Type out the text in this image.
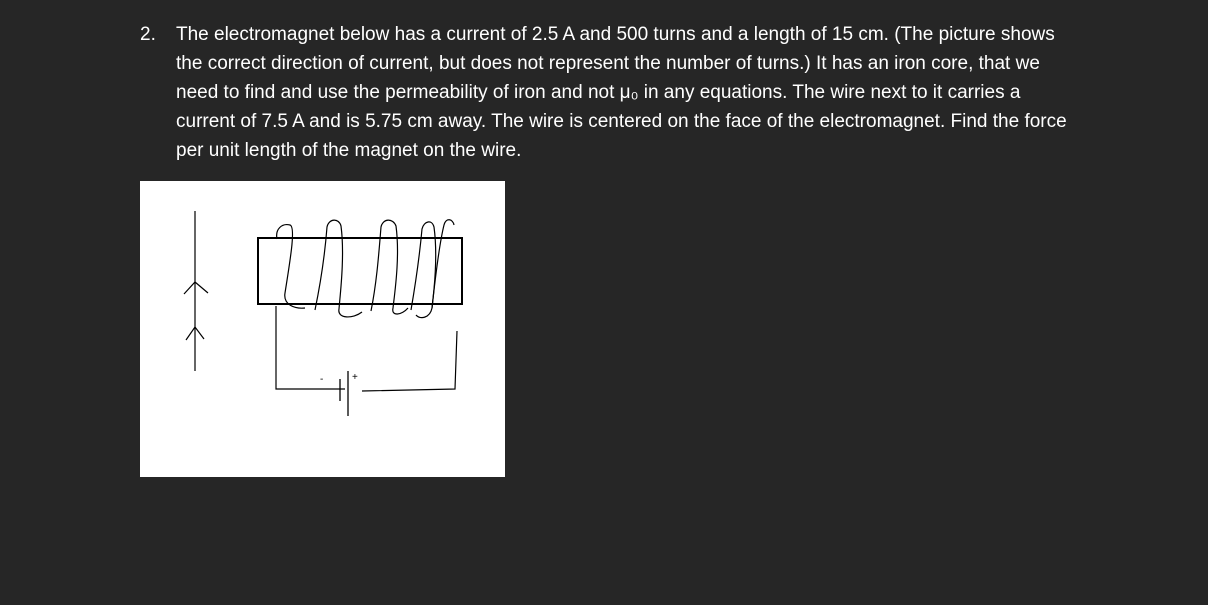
2.	The electromagnet below has a current of 2.5 A and 500 turns and a length of 15 cm. (The picture shows the correct direction of current, but does not represent the number of turns.) It has an iron core, that we need to find and use the permeability of iron and not μ₀ in any equations. The wire next to it carries a current of 7.5 A and is 5.75 cm away. The wire is centered on the face of the electromagnet. Find the force per unit length of the magnet on the wire.

-	+
